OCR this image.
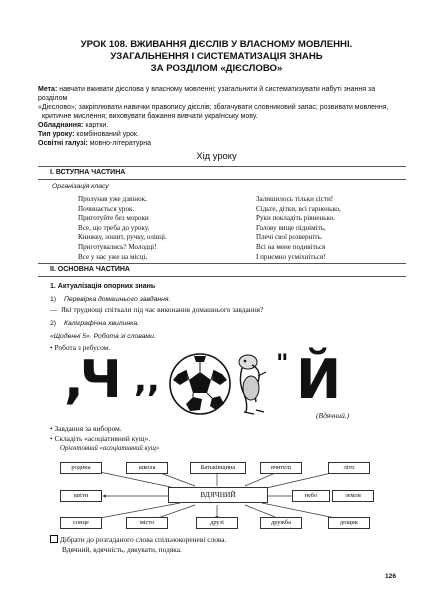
УРОК 108. ВЖИВАННЯ ДІЄСЛІВ У ВЛАСНОМУ МОВЛЕННІ.
УЗАГАЛЬНЕННЯ І СИСТЕМАТИЗАЦІЯ ЗНАНЬ
ЗА РОЗДІЛОМ «ДІЄСЛОВО»
Мета: навчати вживати дієслова у власному мовленні; узагальнити й систематизувати набуті знання за розділом
«Дієслово»; закріплювати навички правопису дієслів; збагачувати словниковий запас; розвивати мовлення,
критичне мислення; виховувати бажання вивчати українську мову.
Обладнання: картки.
Тип уроку: комбінований урок.
Освітні галузі: мовно-літературна
Хід уроку
I. ВСТУПНА ЧАСТИНА
Організація класу
Пролунав уже дзвінок,
Починається урок.
Приготуйте без мороки
Все, що треба до уроку.
Книжку, зошит, ручку, олівці.
Приготувались? Молодці!
Все у нас уже на місці,
Залишилось тільки сісти!
Сідьте, дітки, всі гарненько,
Руки покладіть рівненько.
Голову вище підніміть,
Плечі свої розверніть.
Всі на мене подивіться
І приємно усміхніться!
II. ОСНОВНА ЧАСТИНА
1. Актуалізація опорних знань
1) Перевірка домашнього завдання.
— Які труднощі спіткали під час виконання домашнього завдання?
2) Каліграфічна хвилинка.
«Щоденні 5». Робота зі словами.
• Робота з ребусом.
,Ч ,,	" Й
(Вдячний.)
• Завдання за вибором.
• Складіть «асоціативний кущ».
Орієнтовний «асоціативний кущ»
родина	школа	Батьківщина	вчителі	літо
квіти	ВДЯЧНИЙ	небо	земля
сонце	місто	друзі	дружба	дощик
Дібрати до розгаданого слова спільнокореневі слова.
Вдячний, вдячність, дякувати, подяка.
126
